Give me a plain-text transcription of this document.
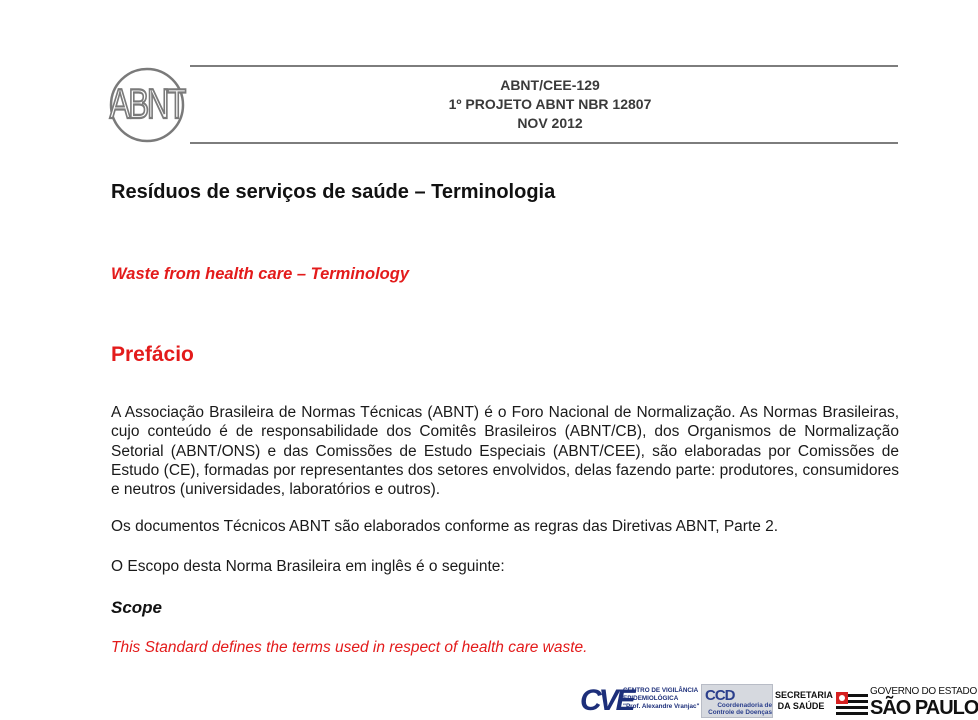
ABNT	ABNT/CEE-129
1º PROJETO ABNT NBR 12807
NOV 2012
Resíduos de serviços de saúde – Terminologia
Waste from health care – Terminology
Prefácio
A Associação Brasileira de Normas Técnicas (ABNT) é o Foro Nacional de Normalização. As Normas Brasileiras, cujo conteúdo é de responsabilidade dos Comitês Brasileiros (ABNT/CB), dos Organismos de Normalização Setorial (ABNT/ONS) e das Comissões de Estudo Especiais (ABNT/CEE), são elaboradas por Comissões de Estudo (CE), formadas por representantes dos setores envolvidos, delas fazendo parte: produtores, consumidores e neutros (universidades, laboratórios e outros).
Os documentos Técnicos ABNT são elaborados conforme as regras das Diretivas ABNT, Parte 2.
O Escopo desta Norma Brasileira em inglês é o seguinte:
Scope
This Standard defines the terms used in respect of health care waste.
CVE
CENTRO DE VIGILÂNCIA
EPIDEMIOLÓGICA
"Prof. Alexandre Vranjac"
CCD
Coordenadoria de
Controle de Doenças
SECRETARIA
DA SAÚDE
GOVERNO DO ESTADO
SÃO PAULO
